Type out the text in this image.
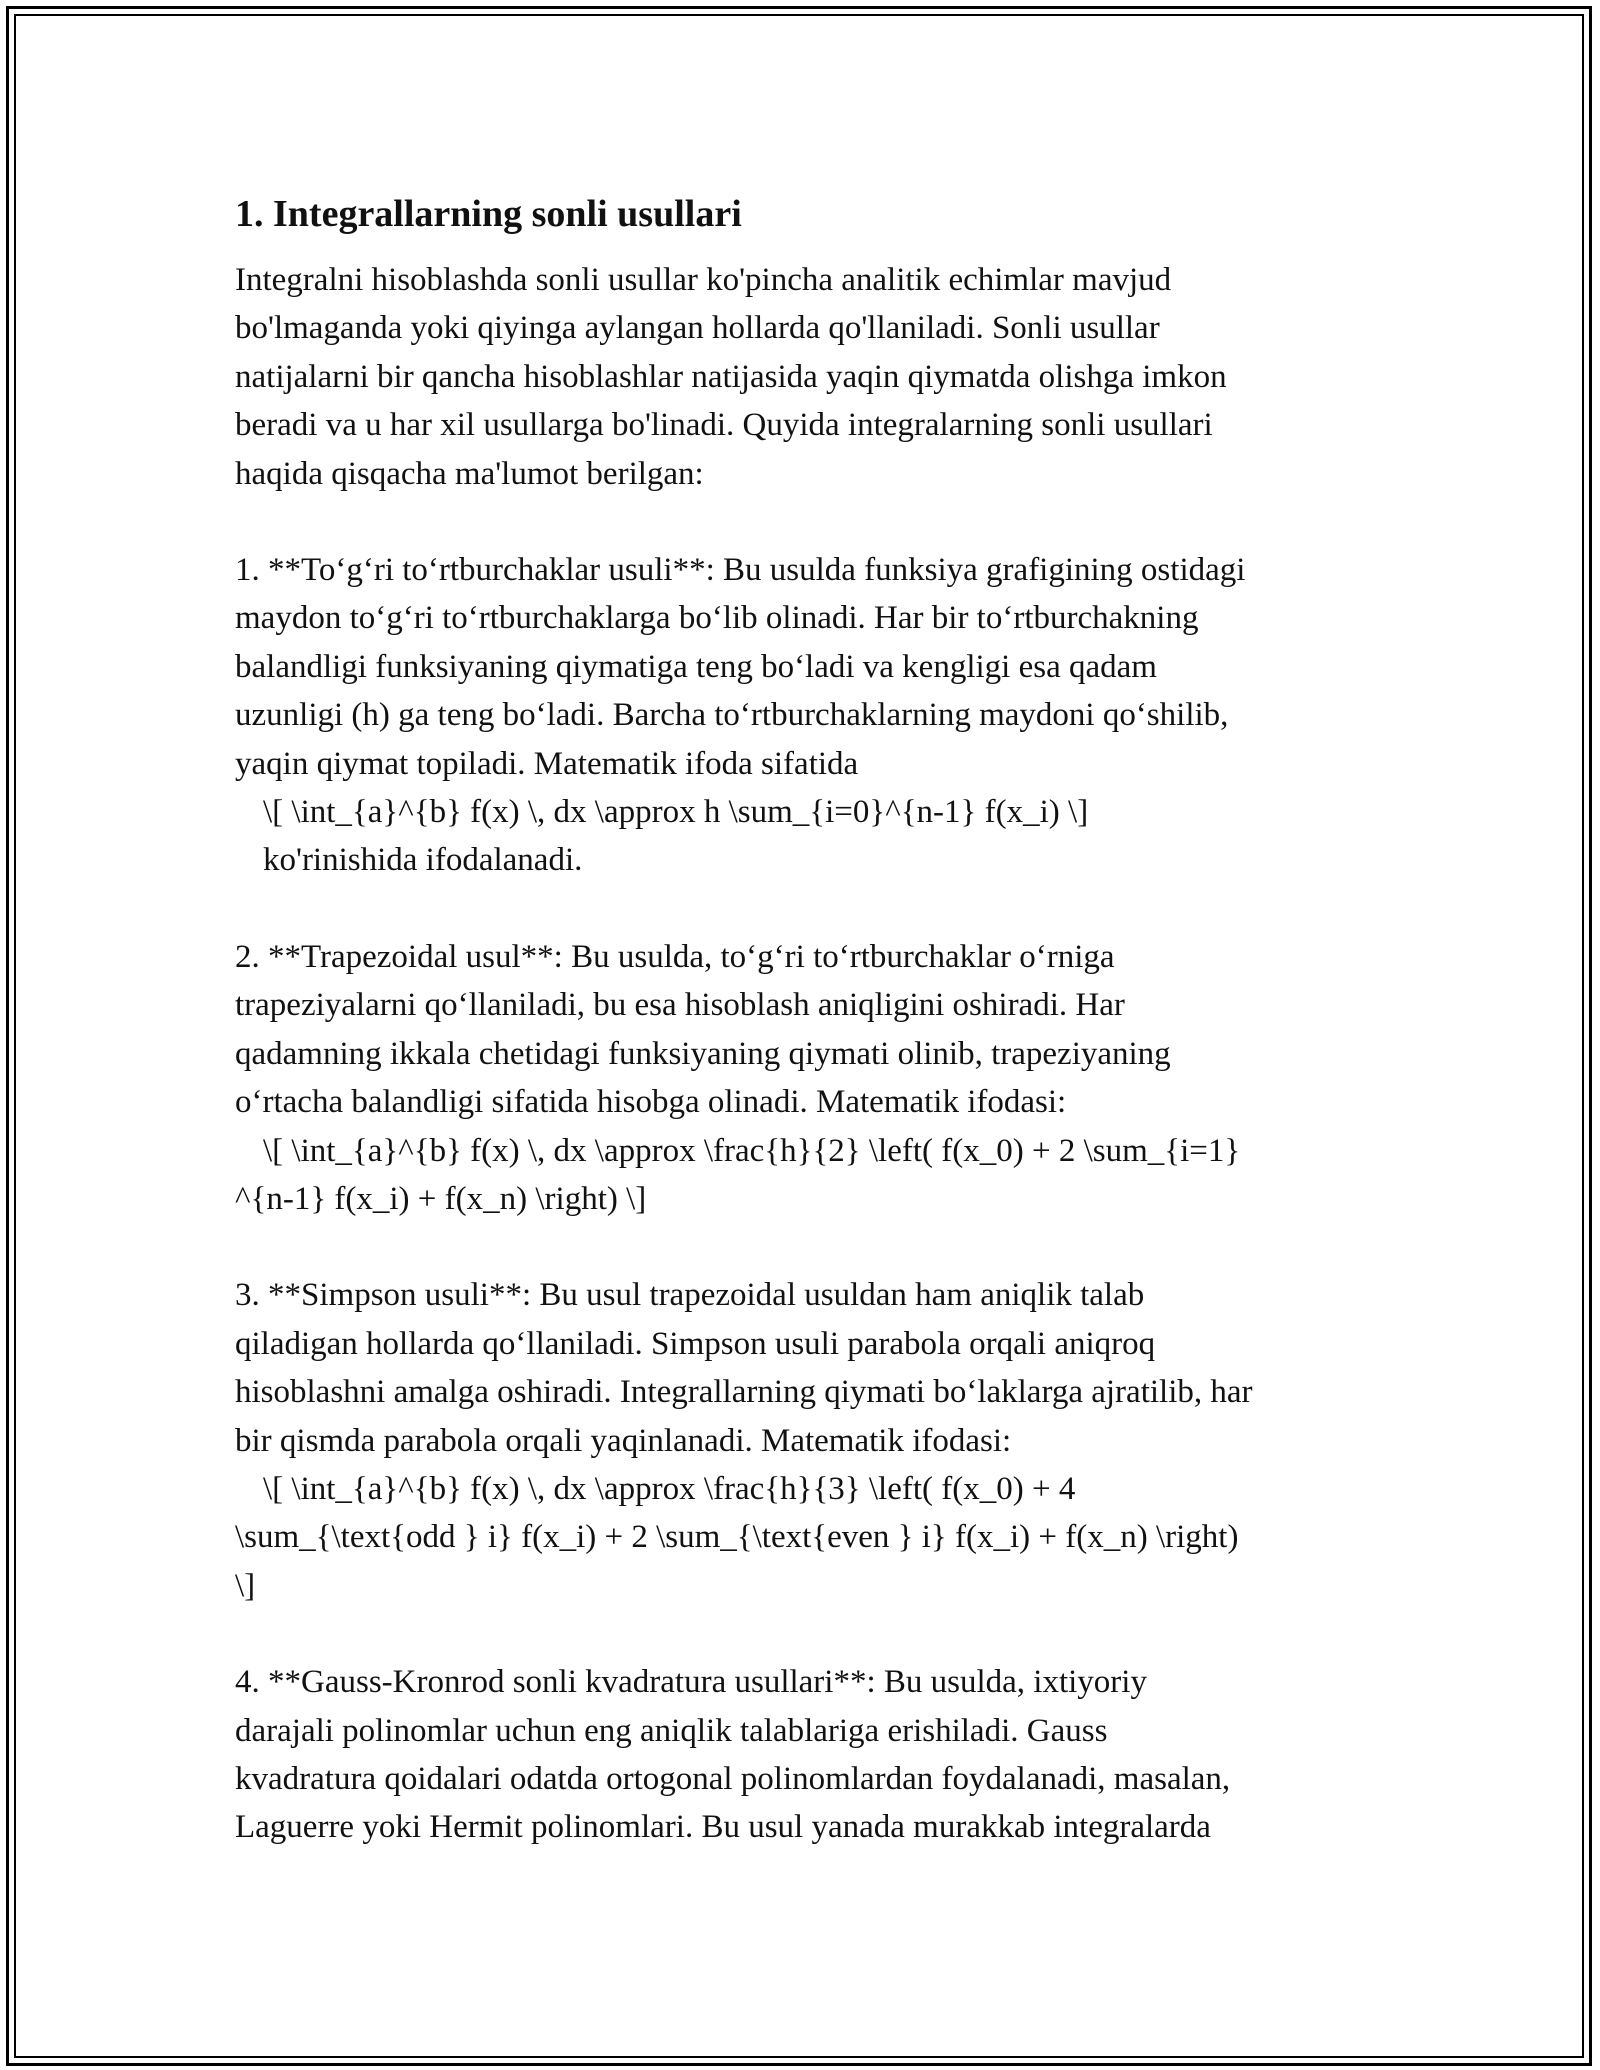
1. Integrallarning sonli usullari

Integralni hisoblashda sonli usullar ko'pincha analitik echimlar mavjud
bo'lmaganda yoki qiyinga aylangan hollarda qo'llaniladi. Sonli usullar
natijalarni bir qancha hisoblashlar natijasida yaqin qiymatda olishga imkon
beradi va u har xil usullarga bo'linadi. Quyida integralarning sonli usullari
haqida qisqacha ma'lumot berilgan:

1. **To‘g‘ri to‘rtburchaklar usuli**: Bu usulda funksiya grafigining ostidagi
maydon to‘g‘ri to‘rtburchaklarga bo‘lib olinadi. Har bir to‘rtburchakning
balandligi funksiyaning qiymatiga teng bo‘ladi va kengligi esa qadam
uzunligi (h) ga teng bo‘ladi. Barcha to‘rtburchaklarning maydoni qo‘shilib,
yaqin qiymat topiladi. Matematik ifoda sifatida
\[ \int_{a}^{b} f(x) \, dx \approx h \sum_{i=0}^{n-1} f(x_i) \]
ko'rinishida ifodalanadi.
2. **Trapezoidal usul**: Bu usulda, to‘g‘ri to‘rtburchaklar o‘rniga
trapeziyalarni qo‘llaniladi, bu esa hisoblash aniqligini oshiradi. Har
qadamning ikkala chetidagi funksiyaning qiymati olinib, trapeziyaning
o‘rtacha balandligi sifatida hisobga olinadi. Matematik ifodasi:
\[ \int_{a}^{b} f(x) \, dx \approx \frac{h}{2} \left( f(x_0) + 2 \sum_{i=1}
^{n-1} f(x_i) + f(x_n) \right) \]
3. **Simpson usuli**: Bu usul trapezoidal usuldan ham aniqlik talab
qiladigan hollarda qo‘llaniladi. Simpson usuli parabola orqali aniqroq
hisoblashni amalga oshiradi. Integrallarning qiymati bo‘laklarga ajratilib, har
bir qismda parabola orqali yaqinlanadi. Matematik ifodasi:
\[ \int_{a}^{b} f(x) \, dx \approx \frac{h}{3} \left( f(x_0) + 4
\sum_{\text{odd } i} f(x_i) + 2 \sum_{\text{even } i} f(x_i) + f(x_n) \right)
\]
4. **Gauss-Kronrod sonli kvadratura usullari**: Bu usulda, ixtiyoriy
darajali polinomlar uchun eng aniqlik talablariga erishiladi. Gauss
kvadratura qoidalari odatda ortogonal polinomlardan foydalanadi, masalan,
Laguerre yoki Hermit polinomlari. Bu usul yanada murakkab integralarda
